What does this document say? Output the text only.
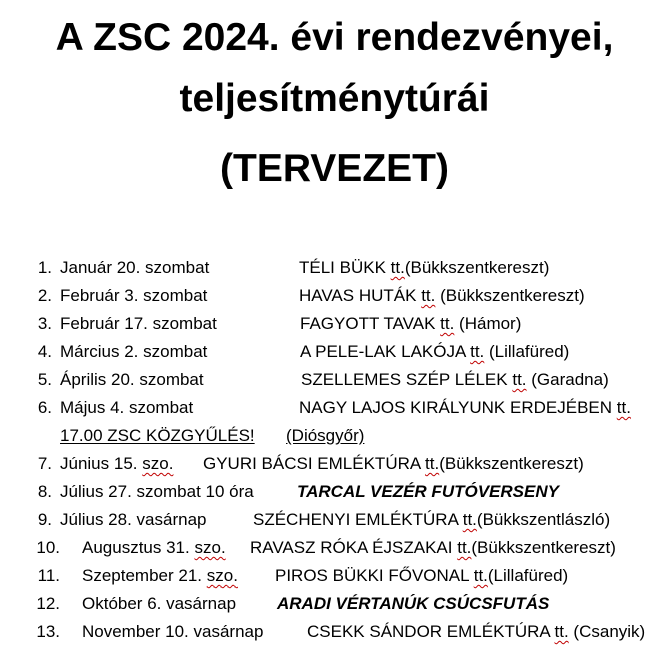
A ZSC 2024. évi rendezvényei,
teljesítménytúrái
(TERVEZET)
1. Január 20. szombat	TÉLI BÜKK tt.(Bükkszentkereszt)
2. Február 3. szombat	HAVAS HUTÁK tt. (Bükkszentkereszt)
3. Február 17. szombat	FAGYOTT TAVAK tt. (Hámor)
4. Március 2. szombat	A PELE-LAK LAKÓJA tt. (Lillafüred)
5. Április 20. szombat	SZELLEMES SZÉP LÉLEK tt. (Garadna)
6. Május 4. szombat	NAGY LAJOS KIRÁLYUNK ERDEJÉBEN tt.
17.00 ZSC KÖZGYŰLÉS! (Diósgyőr)
7. Június 15. szo. GYURI BÁCSI EMLÉKTÚRA tt.(Bükkszentkereszt)
8. Július 27. szombat 10 óra	TARCAL VEZÉR FUTÓVERSENY
9. Július 28. vasárnap	SZÉCHENYI EMLÉKTÚRA tt.(Bükkszentlászló)
10. Augusztus 31. szo. RAVASZ RÓKA ÉJSZAKAI tt.(Bükkszentkereszt)
11. Szeptember 21. szo. PIROS BÜKKI FŐVONAL tt.(Lillafüred)
12. Október 6. vasárnap ARADI VÉRTANÚK CSÚCSFUTÁS
13. November 10. vasárnap	CSEKK SÁNDOR EMLÉKTÚRA tt. (Csanyik)
